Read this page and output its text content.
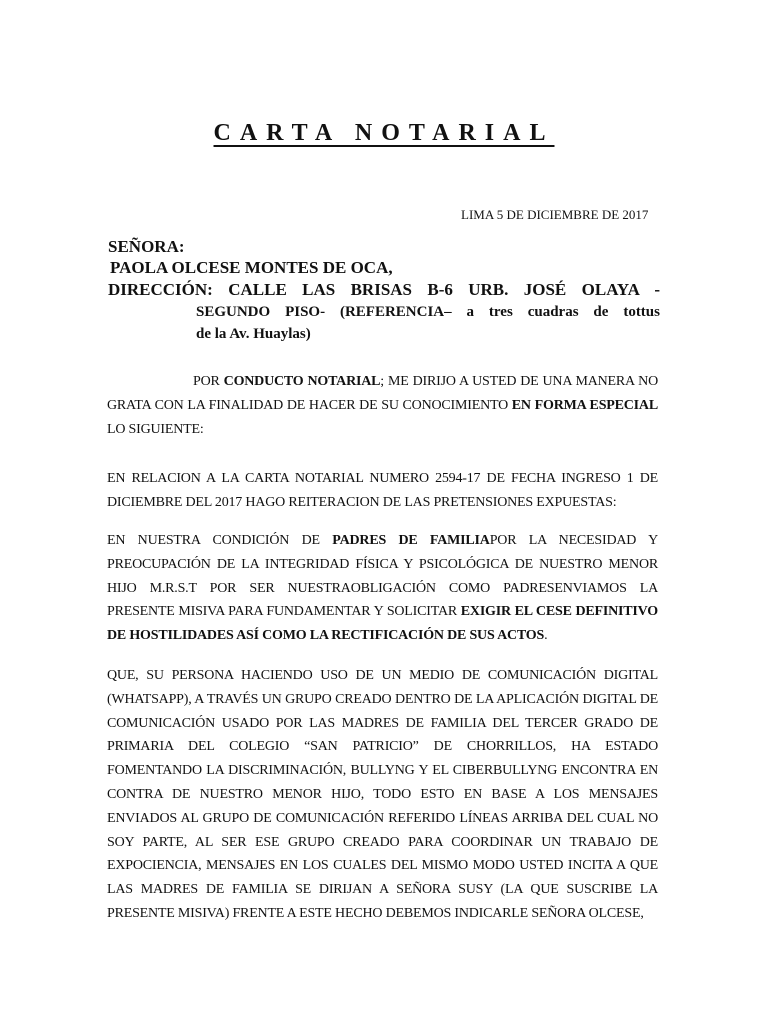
CARTA NOTARIAL
LIMA 5 DE DICIEMBRE DE 2017
SEÑORA:
PAOLA OLCESE MONTES DE OCA,
DIRECCIÓN: CALLE LAS BRISAS B-6 URB. JOSÉ OLAYA -
SEGUNDO PISO- (REFERENCIA– a tres cuadras de tottus
de la Av. Huaylas)
POR CONDUCTO NOTARIAL; ME DIRIJO A USTED DE UNA MANERA NO GRATA CON LA FINALIDAD DE HACER DE SU CONOCIMIENTO EN FORMA ESPECIAL LO SIGUIENTE:
EN RELACION A LA CARTA NOTARIAL NUMERO 2594-17 DE FECHA INGRESO 1 DE DICIEMBRE DEL 2017 HAGO REITERACION DE LAS PRETENSIONES EXPUESTAS:
EN NUESTRA CONDICIÓN DE PADRES DE FAMILIAPOR LA NECESIDAD Y PREOCUPACIÓN DE LA INTEGRIDAD FÍSICA Y PSICOLÓGICA DE NUESTRO MENOR HIJO M.R.S.T POR SER NUESTRAOBLIGACIÓN COMO PADRESENVIAMOS LA PRESENTE MISIVA PARA FUNDAMENTAR Y SOLICITAR EXIGIR EL CESE DEFINITIVO DE HOSTILIDADES ASÍ COMO LA RECTIFICACIÓN DE SUS ACTOS.
QUE, SU PERSONA HACIENDO USO DE UN MEDIO DE COMUNICACIÓN DIGITAL (WHATSAPP), A TRAVÉS UN GRUPO CREADO DENTRO DE LA APLICACIÓN DIGITAL DE COMUNICACIÓN USADO POR LAS MADRES DE FAMILIA DEL TERCER GRADO DE PRIMARIA DEL COLEGIO “SAN PATRICIO” DE CHORRILLOS, HA ESTADO FOMENTANDO LA DISCRIMINACIÓN, BULLYNG Y EL CIBERBULLYNG ENCONTRA EN CONTRA DE NUESTRO MENOR HIJO, TODO ESTO EN BASE A LOS MENSAJES ENVIADOS AL GRUPO DE COMUNICACIÓN REFERIDO LÍNEAS ARRIBA DEL CUAL NO SOY PARTE, AL SER ESE GRUPO CREADO PARA COORDINAR UN TRABAJO DE EXPOCIENCIA, MENSAJES EN LOS CUALES DEL MISMO MODO USTED INCITA A QUE LAS MADRES DE FAMILIA SE DIRIJAN A SEÑORA SUSY (LA QUE SUSCRIBE LA PRESENTE MISIVA) FRENTE A ESTE HECHO DEBEMOS INDICARLE SEÑORA OLCESE,
